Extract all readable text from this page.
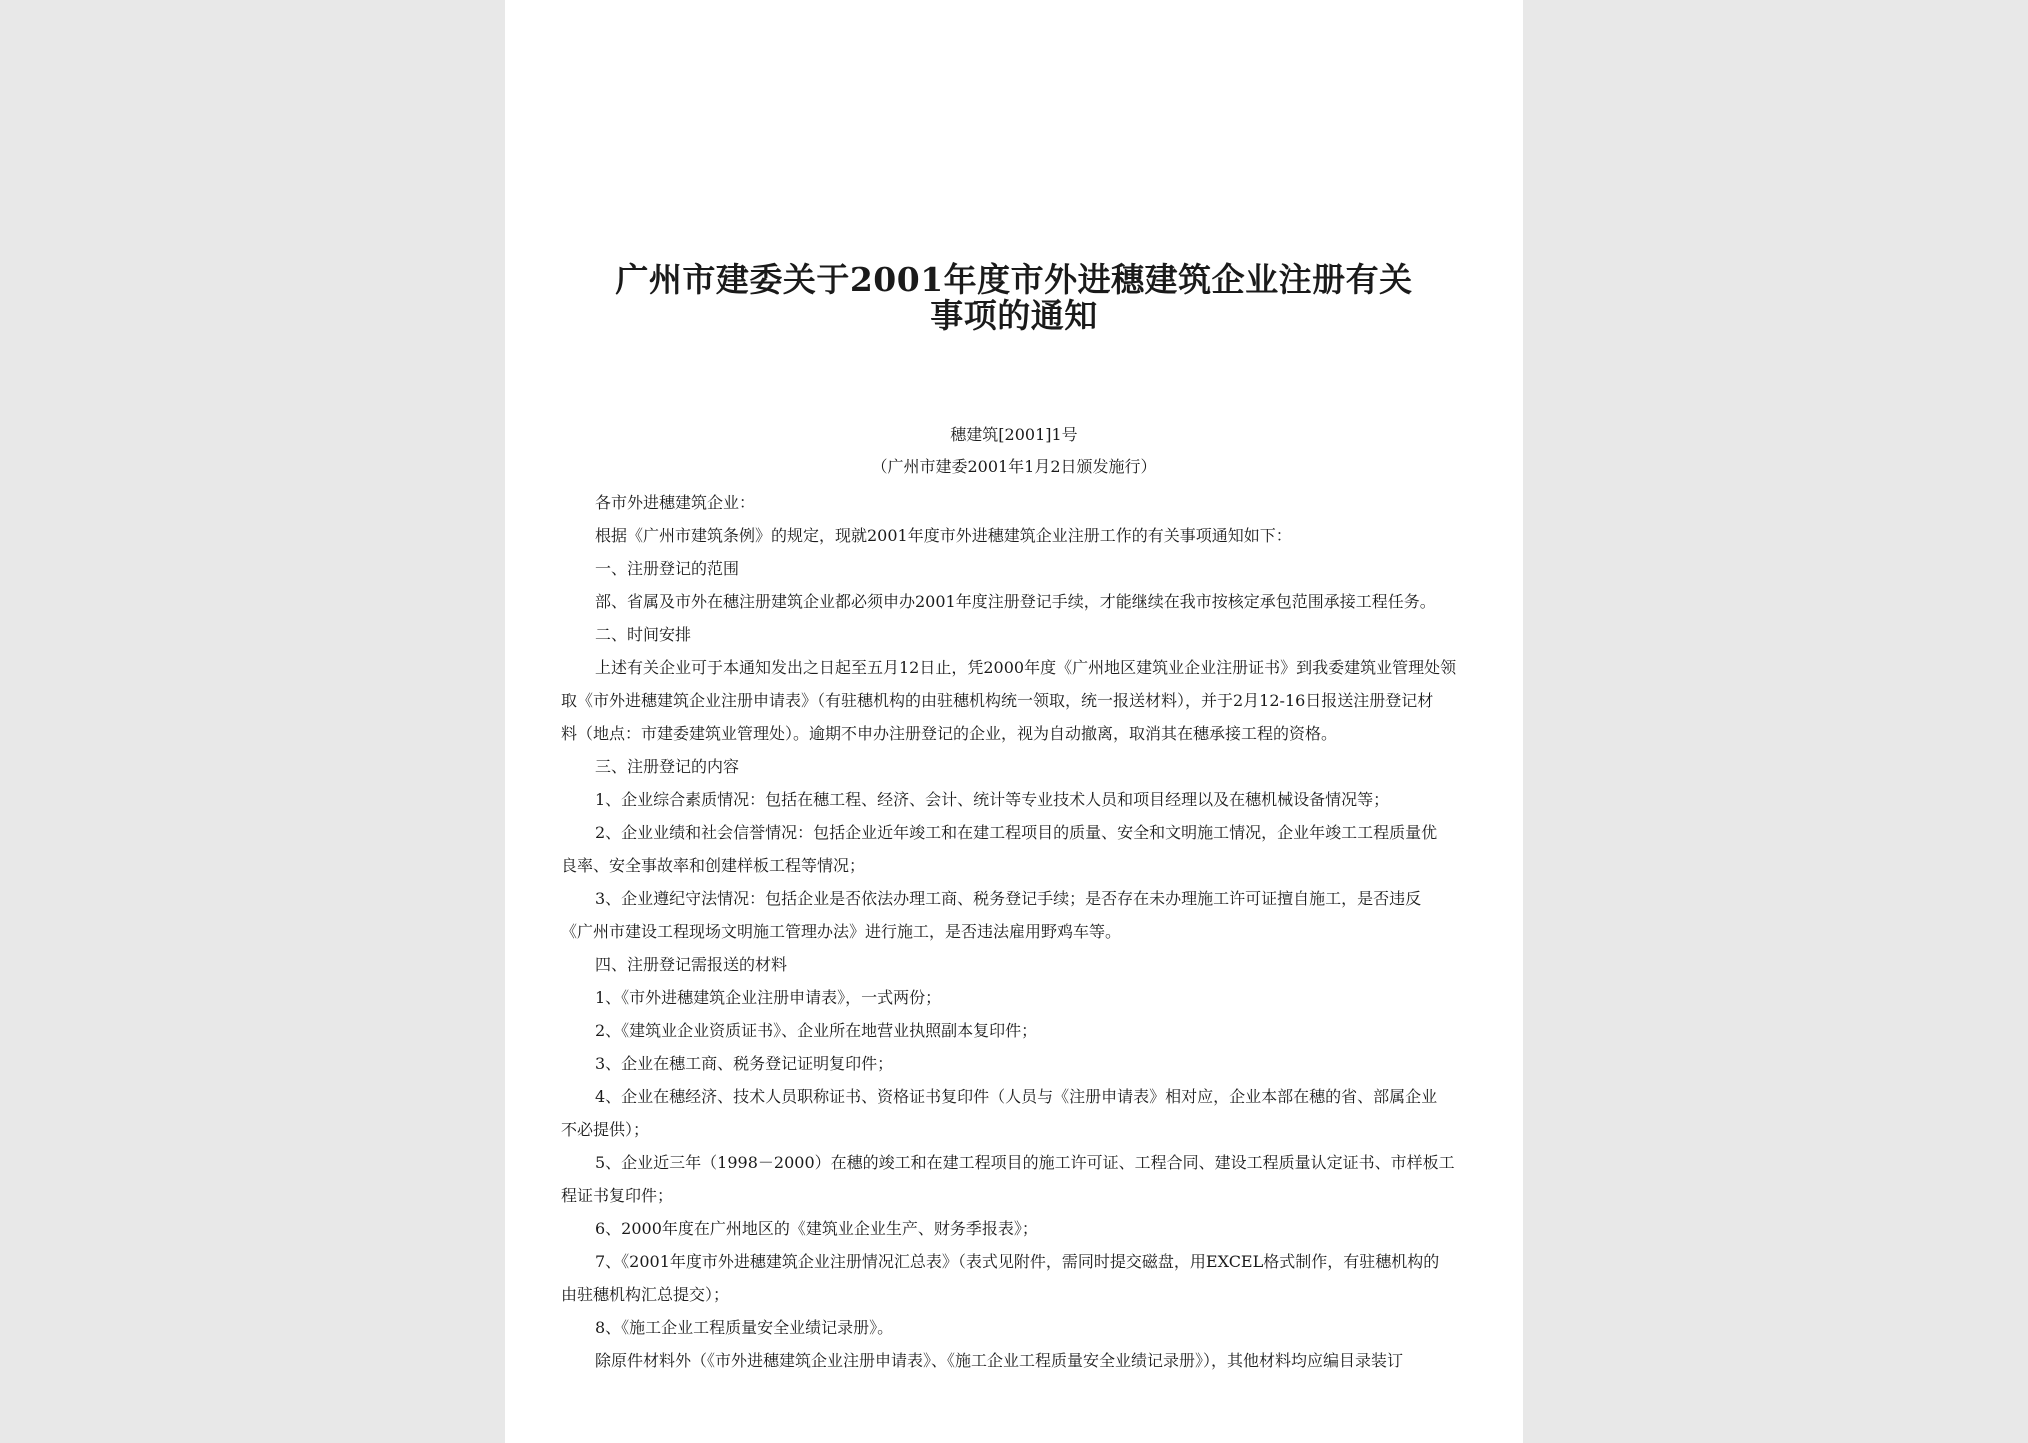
广州市建委关于2001年度市外进穗建筑企业注册有关
事项的通知
穗建筑[2001]1号
（广州市建委2001年1月2日颁发施行）
各市外进穗建筑企业：
根据《广州市建筑条例》的规定，现就2001年度市外进穗建筑企业注册工作的有关事项通知如下：
一、注册登记的范围
部、省属及市外在穗注册建筑企业都必须申办2001年度注册登记手续，才能继续在我市按核定承包范围承接工程任务。
二、时间安排
上述有关企业可于本通知发出之日起至五月12日止，凭2000年度《广州地区建筑业企业注册证书》到我委建筑业管理处领
取《市外进穗建筑企业注册申请表》（有驻穗机构的由驻穗机构统一领取，统一报送材料），并于2月12-16日报送注册登记材
料（地点：市建委建筑业管理处）。逾期不申办注册登记的企业，视为自动撤离，取消其在穗承接工程的资格。
三、注册登记的内容
1、企业综合素质情况：包括在穗工程、经济、会计、统计等专业技术人员和项目经理以及在穗机械设备情况等；
2、企业业绩和社会信誉情况：包括企业近年竣工和在建工程项目的质量、安全和文明施工情况，企业年竣工工程质量优
良率、安全事故率和创建样板工程等情况；
3、企业遵纪守法情况：包括企业是否依法办理工商、税务登记手续；是否存在未办理施工许可证擅自施工，是否违反
《广州市建设工程现场文明施工管理办法》进行施工，是否违法雇用野鸡车等。
四、注册登记需报送的材料
1、《市外进穗建筑企业注册申请表》，一式两份；
2、《建筑业企业资质证书》、企业所在地营业执照副本复印件；
3、企业在穗工商、税务登记证明复印件；
4、企业在穗经济、技术人员职称证书、资格证书复印件（人员与《注册申请表》相对应，企业本部在穗的省、部属企业
不必提供）；
5、企业近三年（1998－2000）在穗的竣工和在建工程项目的施工许可证、工程合同、建设工程质量认定证书、市样板工
程证书复印件；
6、2000年度在广州地区的《建筑业企业生产、财务季报表》；
7、《2001年度市外进穗建筑企业注册情况汇总表》（表式见附件，需同时提交磁盘，用EXCEL格式制作，有驻穗机构的
由驻穗机构汇总提交）；
8、《施工企业工程质量安全业绩记录册》。
除原件材料外（《市外进穗建筑企业注册申请表》、《施工企业工程质量安全业绩记录册》），其他材料均应编目录装订
